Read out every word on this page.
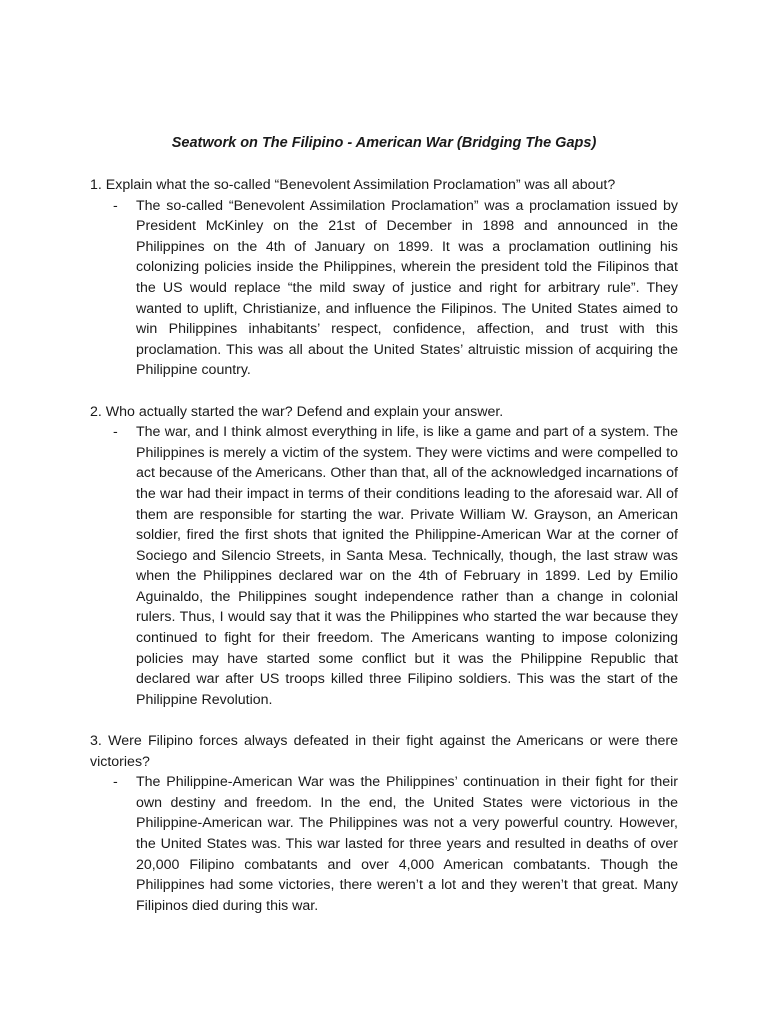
Seatwork on The Filipino - American War (Bridging The Gaps)

1. Explain what the so-called “Benevolent Assimilation Proclamation” was all about?

- The so-called “Benevolent Assimilation Proclamation” was a proclamation issued by President McKinley on the 21st of December in 1898 and announced in the Philippines on the 4th of January on 1899. It was a proclamation outlining his colonizing policies inside the Philippines, wherein the president told the Filipinos that the US would replace “the mild sway of justice and right for arbitrary rule”. They wanted to uplift, Christianize, and influence the Filipinos. The United States aimed to win Philippines inhabitants’ respect, confidence, affection, and trust with this proclamation. This was all about the United States’ altruistic mission of acquiring the Philippine country.

2. Who actually started the war? Defend and explain your answer.

- The war, and I think almost everything in life, is like a game and part of a system. The Philippines is merely a victim of the system. They were victims and were compelled to act because of the Americans. Other than that, all of the acknowledged incarnations of the war had their impact in terms of their conditions leading to the aforesaid war. All of them are responsible for starting the war. Private William W. Grayson, an American soldier, fired the first shots that ignited the Philippine-American War at the corner of Sociego and Silencio Streets, in Santa Mesa. Technically, though, the last straw was when the Philippines declared war on the 4th of February in 1899. Led by Emilio Aguinaldo, the Philippines sought independence rather than a change in colonial rulers. Thus, I would say that it was the Philippines who started the war because they continued to fight for their freedom. The Americans wanting to impose colonizing policies may have started some conflict but it was the Philippine Republic that declared war after US troops killed three Filipino soldiers. This was the start of the Philippine Revolution.

3. Were Filipino forces always defeated in their fight against the Americans or were there victories?

- The Philippine-American War was the Philippines’ continuation in their fight for their own destiny and freedom. In the end, the United States were victorious in the Philippine-American war. The Philippines was not a very powerful country. However, the United States was. This war lasted for three years and resulted in deaths of over 20,000 Filipino combatants and over 4,000 American combatants. Though the Philippines had some victories, there weren’t a lot and they weren’t that great. Many Filipinos died during this war.
